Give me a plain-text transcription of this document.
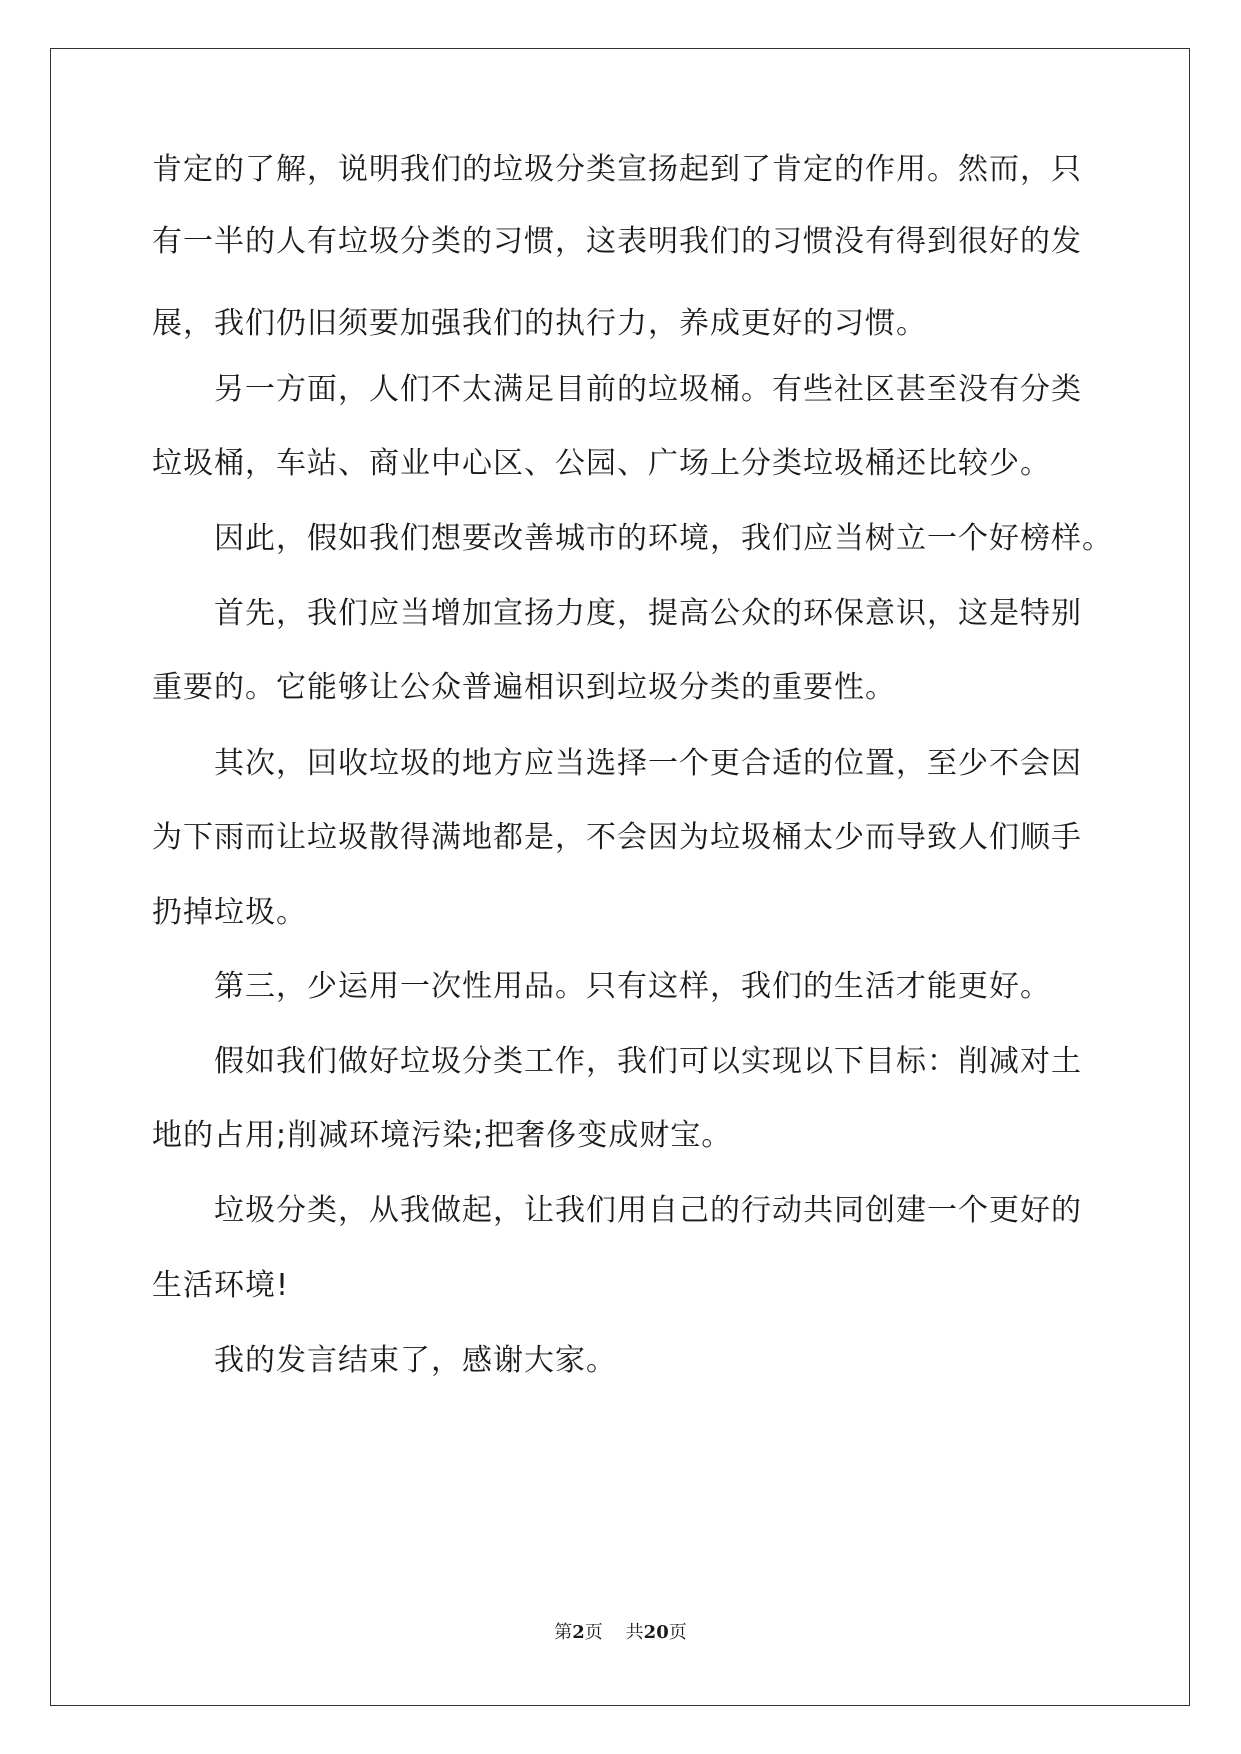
肯定的了解，说明我们的垃圾分类宣扬起到了肯定的作用。然而，只
有一半的人有垃圾分类的习惯，这表明我们的习惯没有得到很好的发
展，我们仍旧须要加强我们的执行力，养成更好的习惯。
另一方面，人们不太满足目前的垃圾桶。有些社区甚至没有分类
垃圾桶，车站、商业中心区、公园、广场上分类垃圾桶还比较少。
因此，假如我们想要改善城市的环境，我们应当树立一个好榜样。
首先，我们应当增加宣扬力度，提高公众的环保意识，这是特别
重要的。它能够让公众普遍相识到垃圾分类的重要性。
其次，回收垃圾的地方应当选择一个更合适的位置，至少不会因
为下雨而让垃圾散得满地都是，不会因为垃圾桶太少而导致人们顺手
扔掉垃圾。
第三，少运用一次性用品。只有这样，我们的生活才能更好。
假如我们做好垃圾分类工作，我们可以实现以下目标：削减对土
地的占用;削减环境污染;把奢侈变成财宝。
垃圾分类，从我做起，让我们用自己的行动共同创建一个更好的
生活环境!
我的发言结束了，感谢大家。
第2页 共20页
